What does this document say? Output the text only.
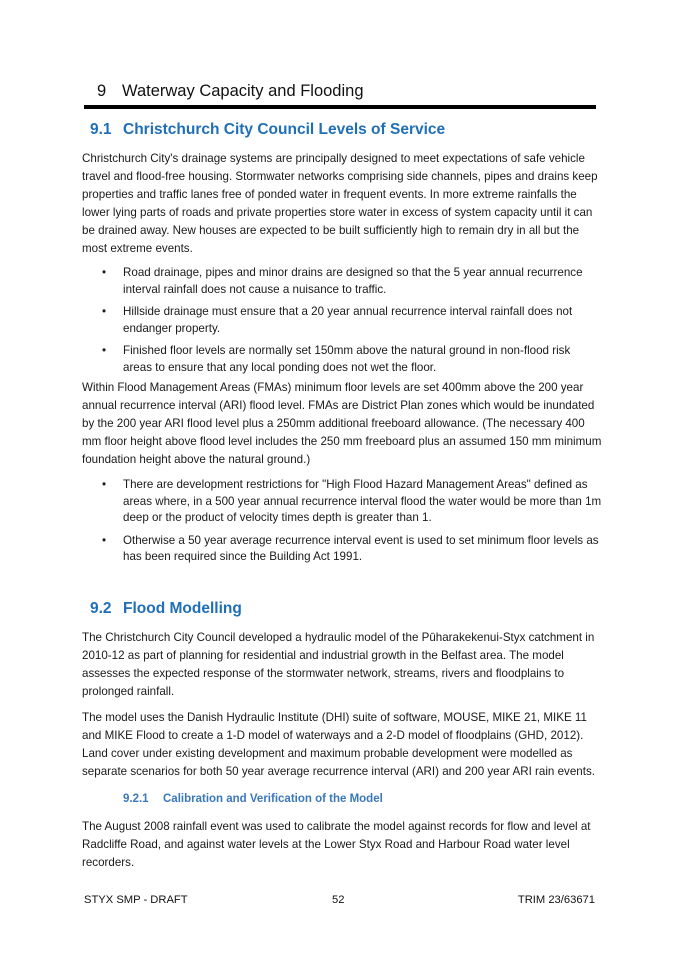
9 Waterway Capacity and Flooding
9.1 Christchurch City Council Levels of Service

Christchurch City's drainage systems are principally designed to meet expectations of safe vehicle travel and flood-free housing. Stormwater networks comprising side channels, pipes and drains keep properties and traffic lanes free of ponded water in frequent events. In more extreme rainfalls the lower lying parts of roads and private properties store water in excess of system capacity until it can be drained away. New houses are expected to be built sufficiently high to remain dry in all but the most extreme events.

• Road drainage, pipes and minor drains are designed so that the 5 year annual recurrence interval rainfall does not cause a nuisance to traffic.
• Hillside drainage must ensure that a 20 year annual recurrence interval rainfall does not endanger property.
• Finished floor levels are normally set 150mm above the natural ground in non-flood risk areas to ensure that any local ponding does not wet the floor.

Within Flood Management Areas (FMAs) minimum floor levels are set 400mm above the 200 year annual recurrence interval (ARI) flood level. FMAs are District Plan zones which would be inundated by the 200 year ARI flood level plus a 250mm additional freeboard allowance. (The necessary 400 mm floor height above flood level includes the 250 mm freeboard plus an assumed 150 mm minimum foundation height above the natural ground.)

• There are development restrictions for "High Flood Hazard Management Areas" defined as areas where, in a 500 year annual recurrence interval flood the water would be more than 1m deep or the product of velocity times depth is greater than 1.
• Otherwise a 50 year average recurrence interval event is used to set minimum floor levels as has been required since the Building Act 1991.
9.2 Flood Modelling

The Christchurch City Council developed a hydraulic model of the Pūharakekenui-Styx catchment in 2010-12 as part of planning for residential and industrial growth in the Belfast area. The model assesses the expected response of the stormwater network, streams, rivers and floodplains to prolonged rainfall.

The model uses the Danish Hydraulic Institute (DHI) suite of software, MOUSE, MIKE 21, MIKE 11 and MIKE Flood to create a 1-D model of waterways and a 2-D model of floodplains (GHD, 2012). Land cover under existing development and maximum probable development were modelled as separate scenarios for both 50 year average recurrence interval (ARI) and 200 year ARI rain events.

9.2.1 Calibration and Verification of the Model

The August 2008 rainfall event was used to calibrate the model against records for flow and level at Radcliffe Road, and against water levels at the Lower Styx Road and Harbour Road water level recorders.

STYX SMP - DRAFT	52	TRIM 23/63671
